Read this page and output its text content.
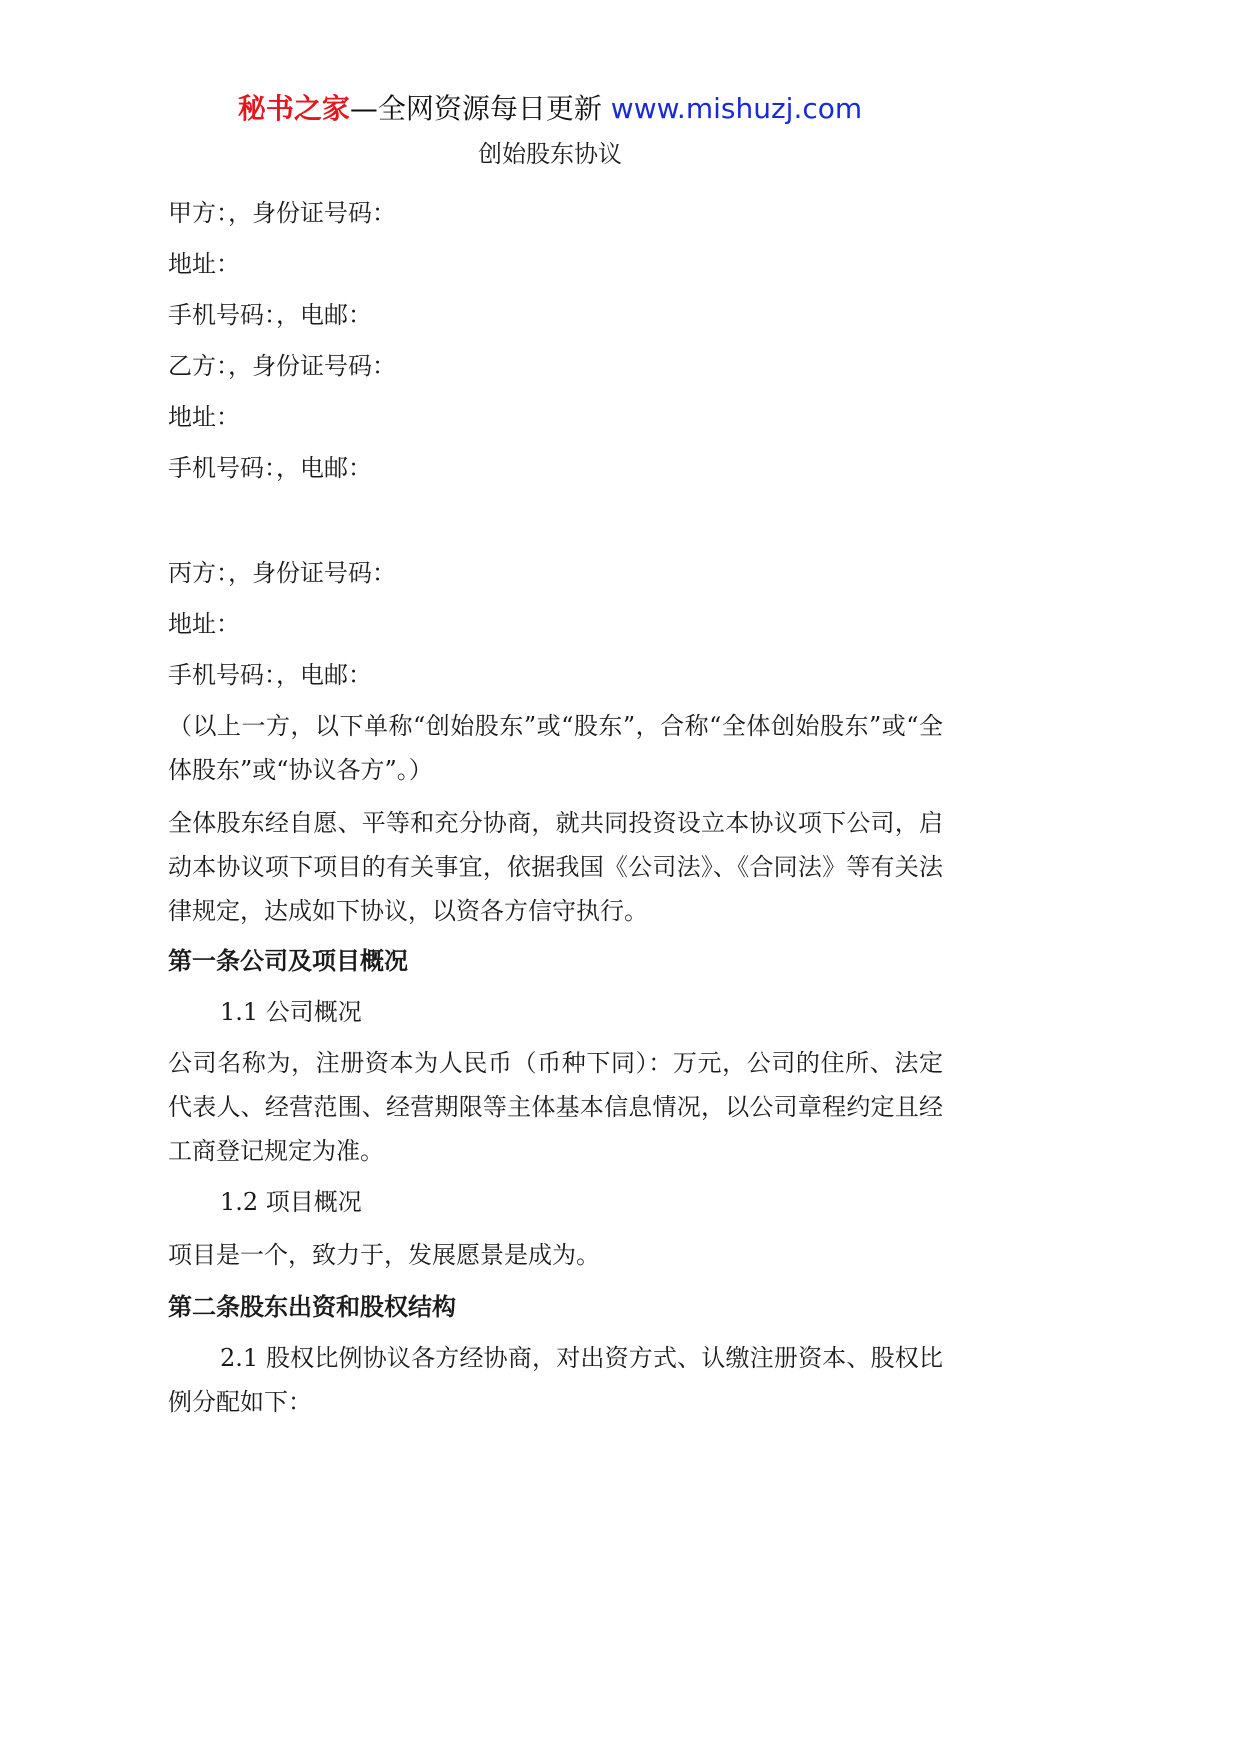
秘书之家—全网资源每日更新 www.mishuzj.com
创始股东协议
甲方：，身份证号码：
地址：
手机号码：，电邮：
乙方：，身份证号码：
地址：
手机号码：，电邮：
丙方：，身份证号码：
地址：
手机号码：，电邮：
（以上一方，以下单称“创始股东”或“股东”，合称“全体创始股东”或“全体股东”或“协议各方”。）
全体股东经自愿、平等和充分协商，就共同投资设立本协议项下公司，启动本协议项下项目的有关事宜，依据我国《公司法》、《合同法》等有关法律规定，达成如下协议，以资各方信守执行。
第一条公司及项目概况
1.1 公司概况
公司名称为，注册资本为人民币（币种下同）：万元，公司的住所、法定代表人、经营范围、经营期限等主体基本信息情况，以公司章程约定且经工商登记规定为准。
1.2 项目概况
项目是一个，致力于，发展愿景是成为。
第二条股东出资和股权结构
2.1 股权比例协议各方经协商，对出资方式、认缴注册资本、股权比例分配如下：
